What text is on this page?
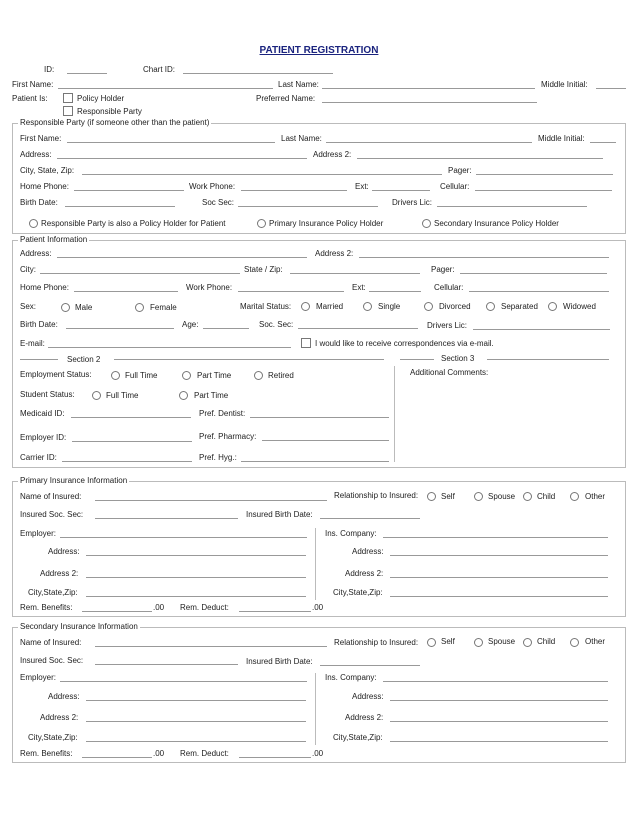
PATIENT REGISTRATION
ID:	Chart ID:
First Name:	Last Name:	Middle Initial:
Patient Is:	Policy Holder	Preferred Name:
Responsible Party
Responsible Party (if someone other than the patient)
First Name:	Last Name:	Middle Initial:
Address:	Address 2:
City, State, Zip:	Pager:
Home Phone:	Work Phone:	Ext:	Cellular:
Birth Date:	Soc Sec:	Drivers Lic:
Responsible Party is also a Policy Holder for Patient	Primary Insurance Policy Holder	Secondary Insurance Policy Holder
Patient Information
Address:	Address 2:
City:	State / Zip:	Pager:
Home Phone:	Work Phone:	Ext:	Cellular:
Sex:	Male	Female	Marital Status:	Married	Single	Divorced	Separated	Widowed
Birth Date:	Age:	Soc. Sec:	Drivers Lic:
E-mail:	I would like to receive correspondences via e-mail.
Section 2	Section 3
Employment Status:	Full Time	Part Time	Retired	Additional Comments:
Student Status:	Full Time	Part Time
Medicaid ID:	Pref. Dentist:
Employer ID:	Pref. Pharmacy:
Carrier ID:	Pref. Hyg.:
Primary Insurance Information
Name of Insured:	Relationship to Insured:	Self	Spouse	Child	Other
Insured Soc. Sec:	Insured Birth Date:
Employer:	Ins. Company:
Address:	Address:
Address 2:	Address 2:
City,State,Zip:	City,State,Zip:
Rem. Benefits:	.00 Rem. Deduct:	.00
Secondary Insurance Information
Name of Insured:	Relationship to Insured:	Self	Spouse	Child	Other
Insured Soc. Sec:	Insured Birth Date:
Employer:	Ins. Company:
Address:	Address:
Address 2:	Address 2:
City,State,Zip:	City,State,Zip:
Rem. Benefits:	.00 Rem. Deduct:	.00
